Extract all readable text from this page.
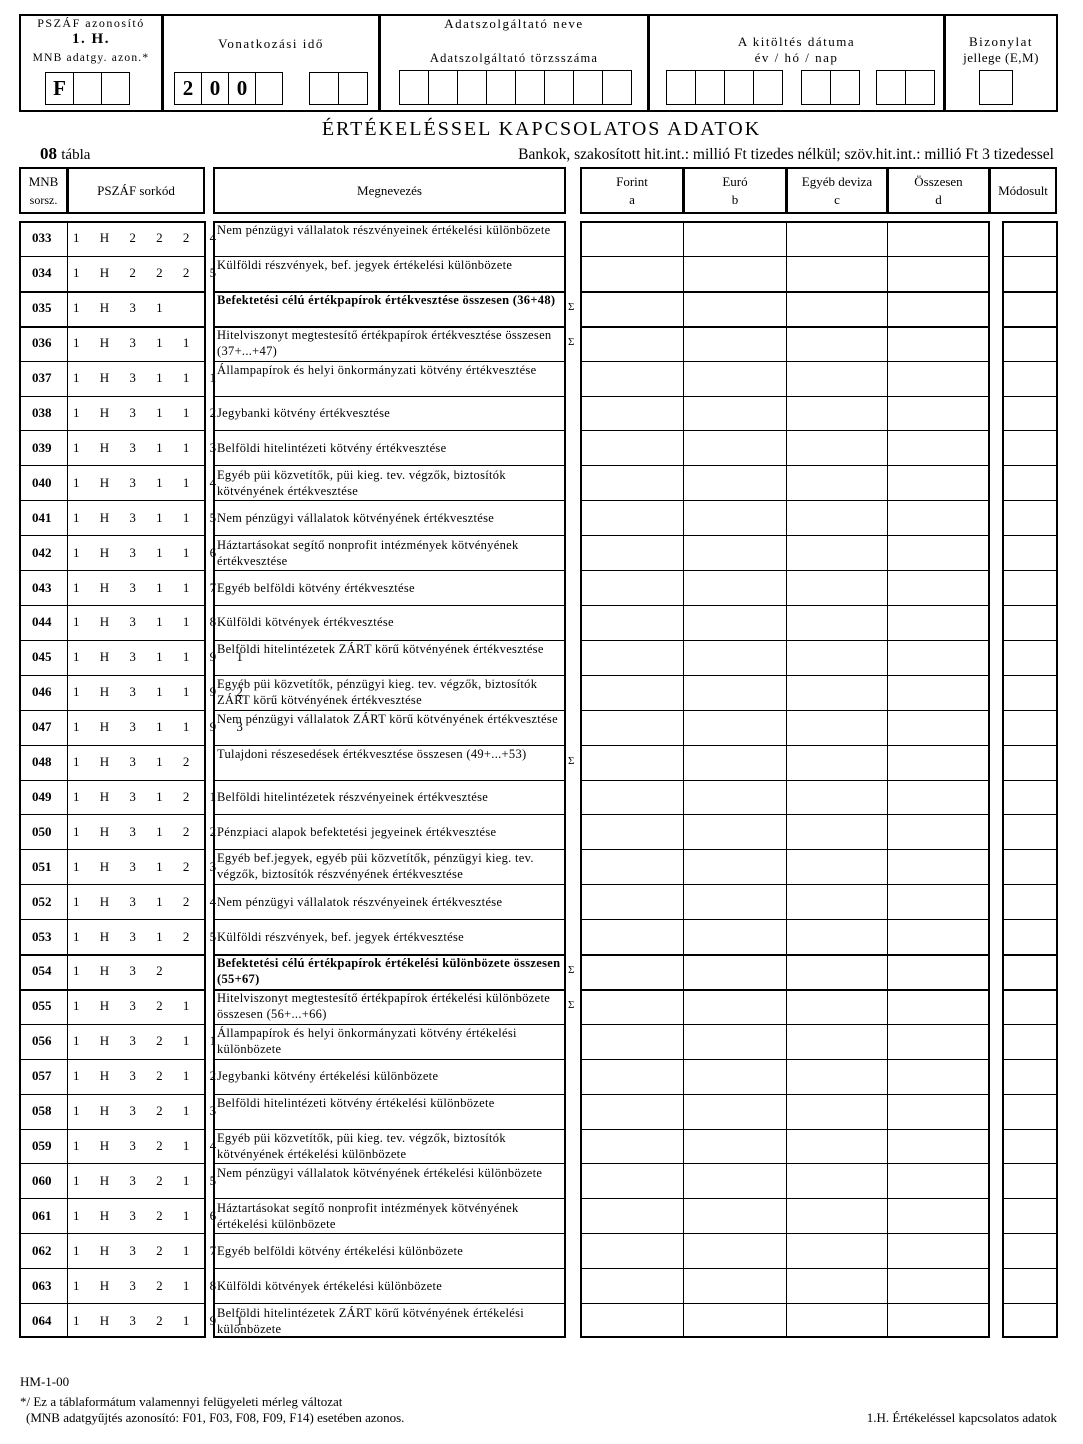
PSZÁF azonosító
1. H.
MNB adatgy. azon.*
F
Vonatkozási idő
2 0 0
Adatszolgáltató neve
Adatszolgáltató törzsszáma
A kitöltés dátuma
év / hó / nap
Bizonylat
jellege (E,M)
ÉRTÉKELÉSSEL KAPCSOLATOS ADATOK
08 tábla	Bankok, szakosított hit.int.: millió Ft tizedes nélkül; szöv.hit.int.: millió Ft 3 tizedessel
MNB
sorsz.
PSZÁF sorkód	Megnevezés
Forint
a
Euró
b
Egyéb deviza
c
Összesen
d
Módosult
033 1 H 2 2 2 4
Nem pénzügyi vállalatok részvényeinek értékelési különbözete
034 1 H 2 2 2 5
Külföldi részvények, bef. jegyek értékelési különbözete
035 1 H 3 1	Befektetési célú értékpapírok értékvesztése összesen (36+48)	Σ
036 1 H 3 1 1 Hitelviszonyt megtestesítő értékpapírok értékvesztése összesen (37+...+47)
Σ
037 1 H 3 1 1 1
Állampapírok és helyi önkormányzati kötvény értékvesztése
038 1 H 3 1 1 2
Jegybanki kötvény értékvesztése
039 1 H 3 1 1 3
Belföldi hitelintézeti kötvény értékvesztése
040 1 H 3 1 1 4
Egyéb püi közvetítők, püi kieg. tev. végzők, biztosítók kötvényének értékvesztése
041 1 H 3 1 1 5
Nem pénzügyi vállalatok kötvényének értékvesztése
042 1 H 3 1 1 6
Háztartásokat segítő nonprofit intézmények kötvényének értékvesztése
043 1 H 3 1 1 7
Egyéb belföldi kötvény értékvesztése
044 1 H 3 1 1 8
Külföldi kötvények értékvesztése
045 1 H 3 1 1 9 1
Belföldi hitelintézetek ZÁRT körű kötvényének értékvesztése
046 1 H 3 1 1 9 2
Egyéb püi közvetítők, pénzügyi kieg. tev. végzők, biztosítók ZÁRT körű kötvényének értékvesztése
047 1 H 3 1 1 9 3
Nem pénzügyi vállalatok ZÁRT körű kötvényének értékvesztése
048 1 H 3 1 2 Tulajdoni részesedések értékvesztése összesen (49+...+53)	Σ
049 1 H 3 1 2 1
Belföldi hitelintézetek részvényeinek értékvesztése
050 1 H 3 1 2 2
Pénzpiaci alapok befektetési jegyeinek értékvesztése
051 1 H 3 1 2 3
Egyéb bef.jegyek, egyéb püi közvetítők, pénzügyi kieg. tev. végzők, biztosítók részvényének értékvesztése
052 1 H 3 1 2 4
Nem pénzügyi vállalatok részvényeinek értékvesztése
053 1 H 3 1 2 5
Külföldi részvények, bef. jegyek értékvesztése
054 1 H 3 2	Befektetési célú értékpapírok értékelési különbözete összesen (55+67)
Σ
055 1 H 3 2 1 Hitelviszonyt megtestesítő értékpapírok értékelési különbözete összesen (56+...+66)
Σ
056 1 H 3 2 1 1
Állampapírok és helyi önkormányzati kötvény értékelési különbözete
057 1 H 3 2 1 2
Jegybanki kötvény értékelési különbözete
058 1 H 3 2 1 3
Belföldi hitelintézeti kötvény értékelési különbözete
059 1 H 3 2 1 4
Egyéb püi közvetítők, püi kieg. tev. végzők, biztosítók kötvényének értékelési különbözete
060 1 H 3 2 1 5
Nem pénzügyi vállalatok kötvényének értékelési különbözete
061 1 H 3 2 1 6
Háztartásokat segítő nonprofit intézmények kötvényének értékelési különbözete
062 1 H 3 2 1 7
Egyéb belföldi kötvény értékelési különbözete
063 1 H 3 2 1 8
Külföldi kötvények értékelési különbözete
064 1 H 3 2 1 9 1
Belföldi hitelintézetek ZÁRT körű kötvényének értékelési különbözete
HM-1-00
*/ Ez a táblaformátum valamennyi felügyeleti mérleg változat
(MNB adatgyűjtés azonosító: F01, F03, F08, F09, F14) esetében azonos.	1.H. Értékeléssel kapcsolatos adatok
